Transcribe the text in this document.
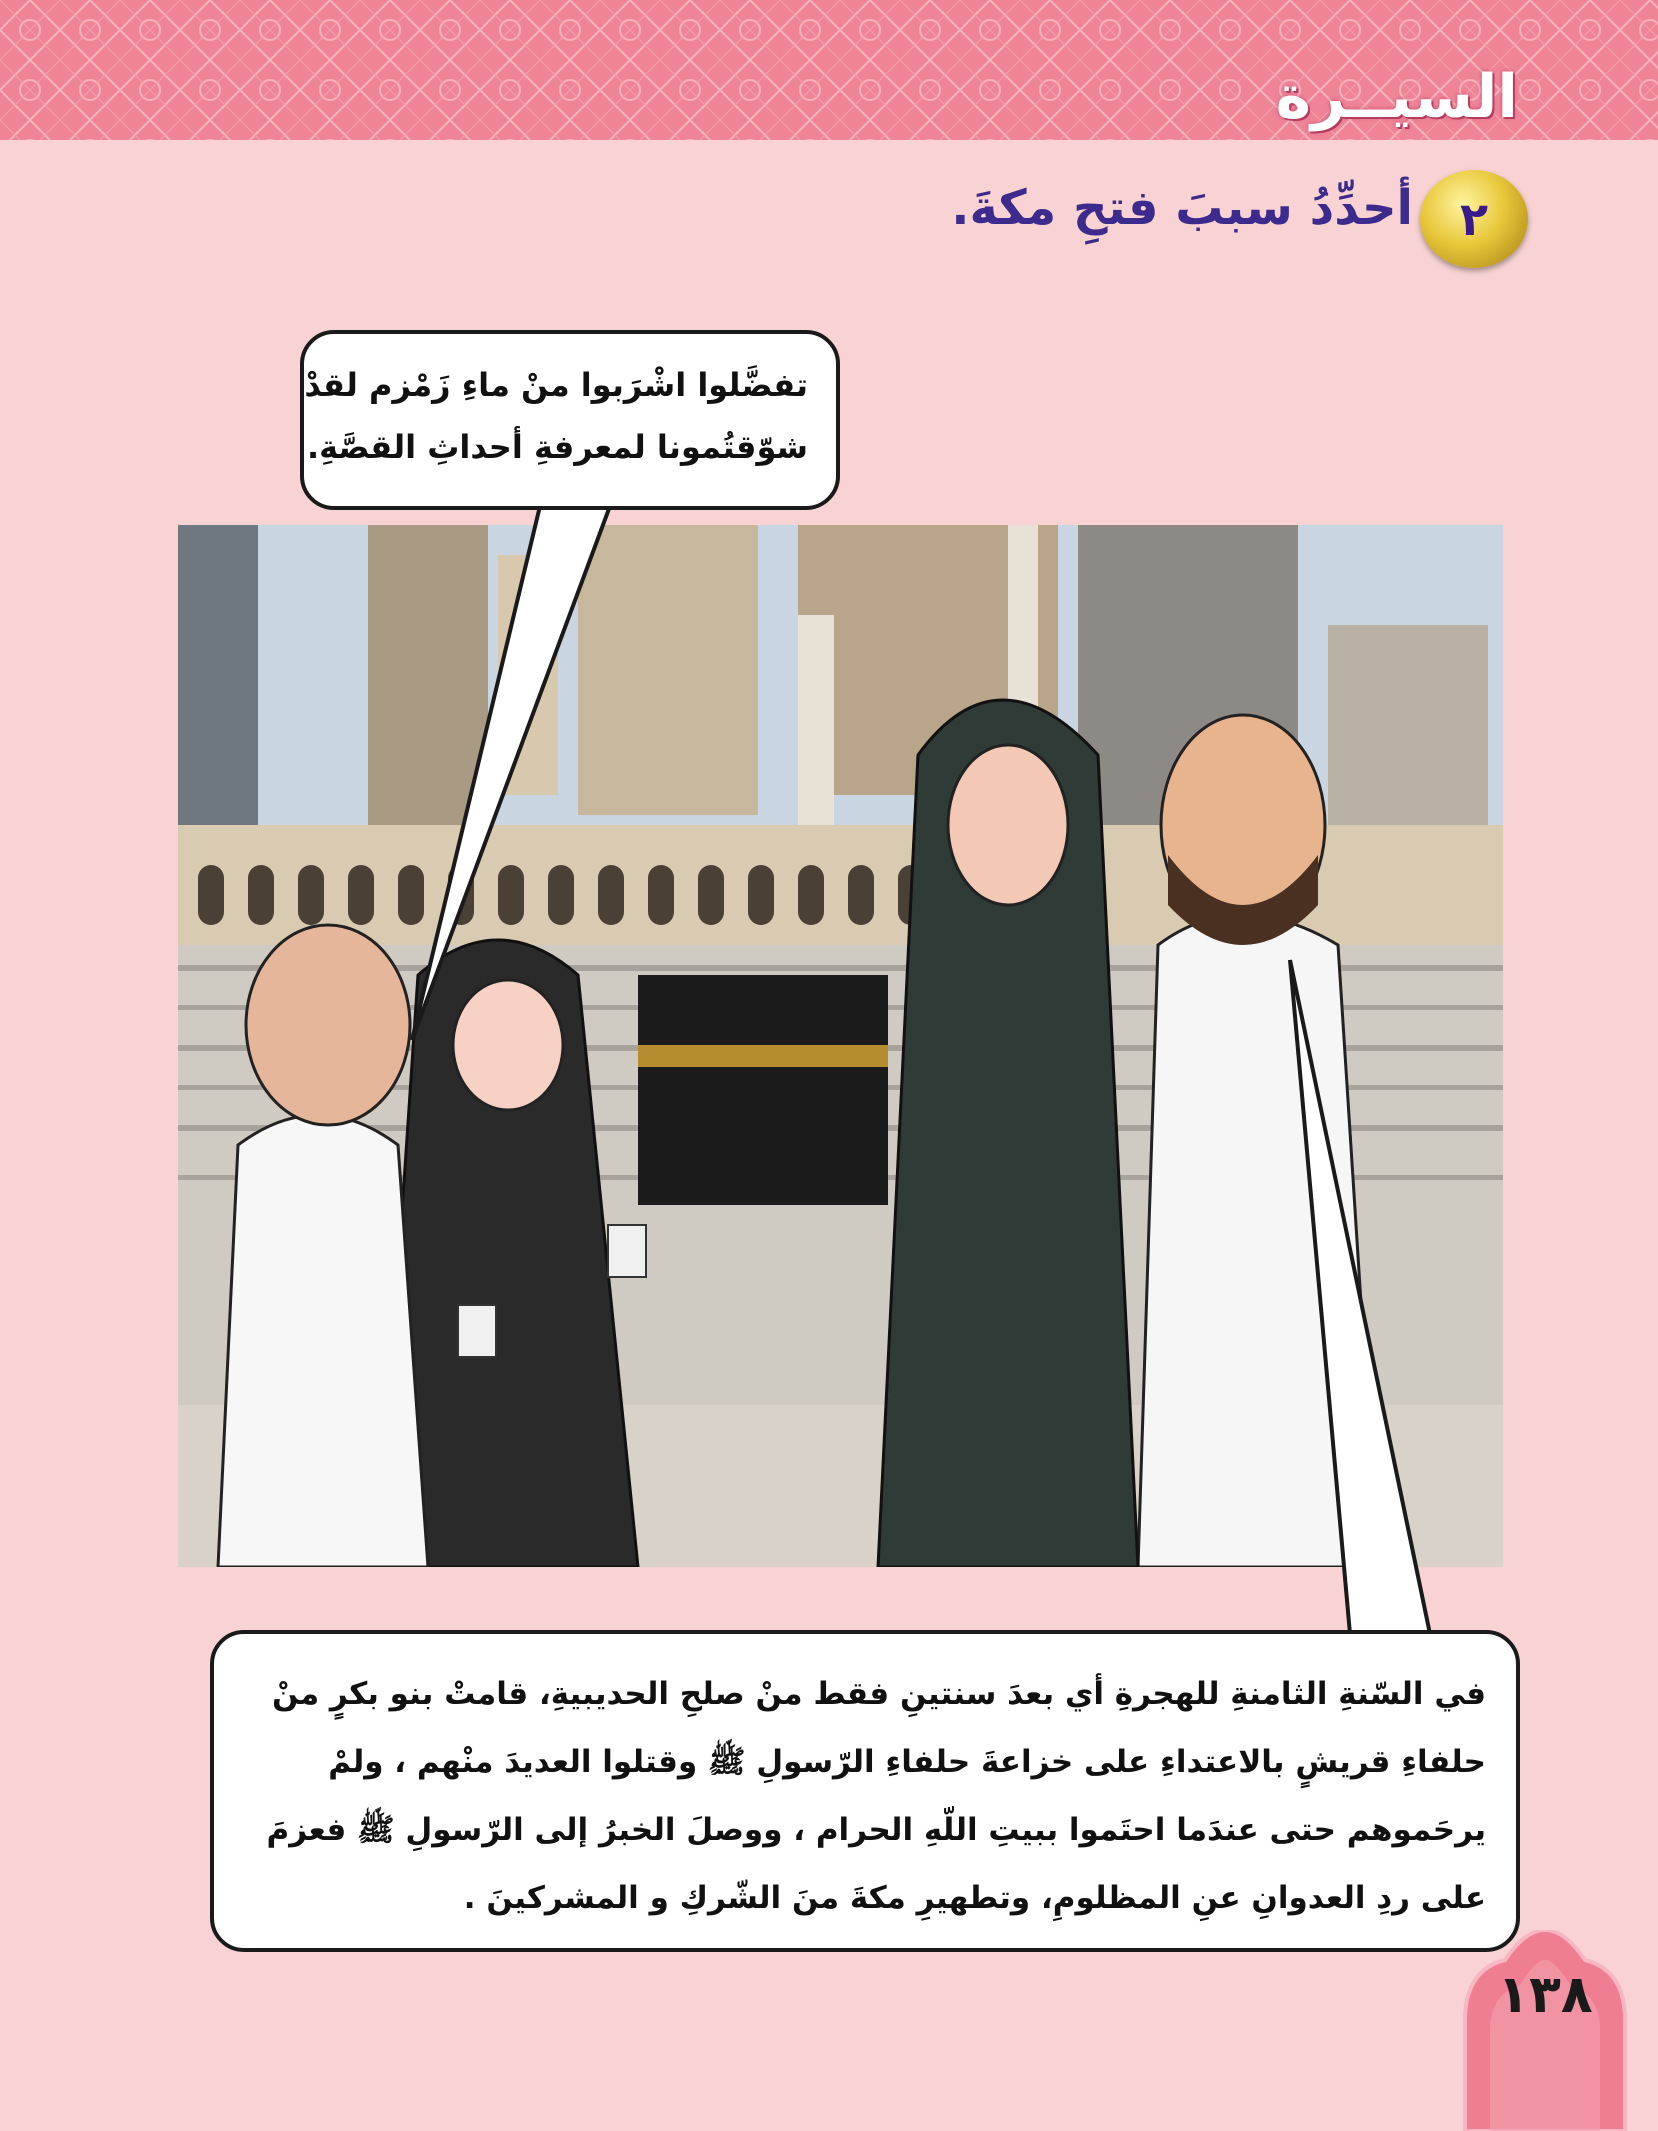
السيــرة
٢
أحدِّدُ سببَ فتحِ مكةَ.
تفضَّلوا اشْرَبوا منْ ماءِ زَمْزم لقدْ
شوّقتُمونا لمعرفةِ أحداثِ القصَّةِ.
في السّنةِ الثامنةِ للهجرةِ أي بعدَ سنتينِ فقط منْ صلحِ الحديبيةِ، قامتْ بنو بكرٍ منْ
حلفاءِ قريشٍ بالاعتداءِ على خزاعةَ حلفاءِ الرّسولِ ﷺ وقتلوا العديدَ منْهم ، ولمْ
يرحَموهم حتى عندَما احتَموا ببيتِ اللّهِ الحرام ، ووصلَ الخبرُ إلى الرّسولِ ﷺ فعزمَ
على ردِ العدوانِ عنِ المظلومِ، وتطهيرِ مكةَ منَ الشّركِ و المشركينَ .
١٣٨
